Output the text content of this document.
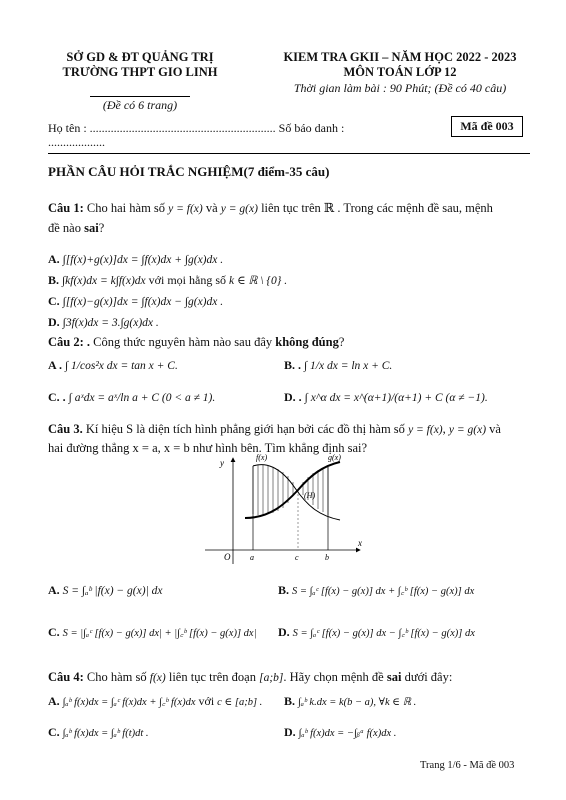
SỞ GD & ĐT QUẢNG TRỊ
TRƯỜNG THPT GIO LINH
(Đề có 6 trang)
KIEM TRA GKII – NĂM HỌC 2022 - 2023
MÔN TOÁN LỚP 12
Thời gian làm bài : 90 Phút; (Đề có 40 câu)
Họ tên : .............................................................. Số báo danh :
...................
Mã đề 003
PHẦN CÂU HỎI TRẮC NGHIỆM(7 điểm-35 câu)
Câu 1: Cho hai hàm số y = f(x) và y = g(x) liên tục trên ℝ . Trong các mệnh đề sau, mệnh
đề nào sai?
A. ∫[f(x)+g(x)]dx = ∫f(x)dx + ∫g(x)dx .
B. ∫kf(x)dx = k∫f(x)dx với mọi hằng số k ∈ ℝ \ {0} .
C. ∫[f(x)−g(x)]dx = ∫f(x)dx − ∫g(x)dx .
D. ∫3f(x)dx = 3.∫g(x)dx .
Câu 2: . Công thức nguyên hàm nào sau đây không đúng?
A . ∫ 1/cos²x dx = tan x + C.	B. . ∫ 1/x dx = ln x + C.
C. . ∫ aˣdx = aˣ/ln a + C (0 < a ≠ 1).	D. . ∫ x^α dx = x^(α+1)/(α+1) + C (α ≠ −1).
Câu 3. Kí hiệu S là diện tích hình phẳng giới hạn bởi các đồ thị hàm số y = f(x), y = g(x) và
hai đường thẳng x = a, x = b như hình bên. Tìm khẳng định sai?
y
x
O a	c	b
f(x)	g(x)
(H)
A. S = ∫ₐᵇ |f(x) − g(x)| dx	B. S = ∫ₐᶜ [f(x) − g(x)] dx + ∫꜀ᵇ [f(x) − g(x)] dx
C. S = |∫ₐᶜ [f(x) − g(x)] dx| + |∫꜀ᵇ [f(x) − g(x)] dx| D. S = ∫ₐᶜ [f(x) − g(x)] dx − ∫꜀ᵇ [f(x) − g(x)] dx
Câu 4: Cho hàm số f(x) liên tục trên đoạn [a;b]. Hãy chọn mệnh đề sai dưới đây:
A. ∫ₐᵇ f(x)dx = ∫ₐᶜ f(x)dx + ∫꜀ᵇ f(x)dx với c ∈ [a;b] . B. ∫ₐᵇ k.dx = k(b − a), ∀k ∈ ℝ .
C. ∫ₐᵇ f(x)dx = ∫ₐᵇ f(t)dt .	D. ∫ₐᵇ f(x)dx = −∫ᵦᵃ f(x)dx .
Trang 1/6 - Mã đề 003
